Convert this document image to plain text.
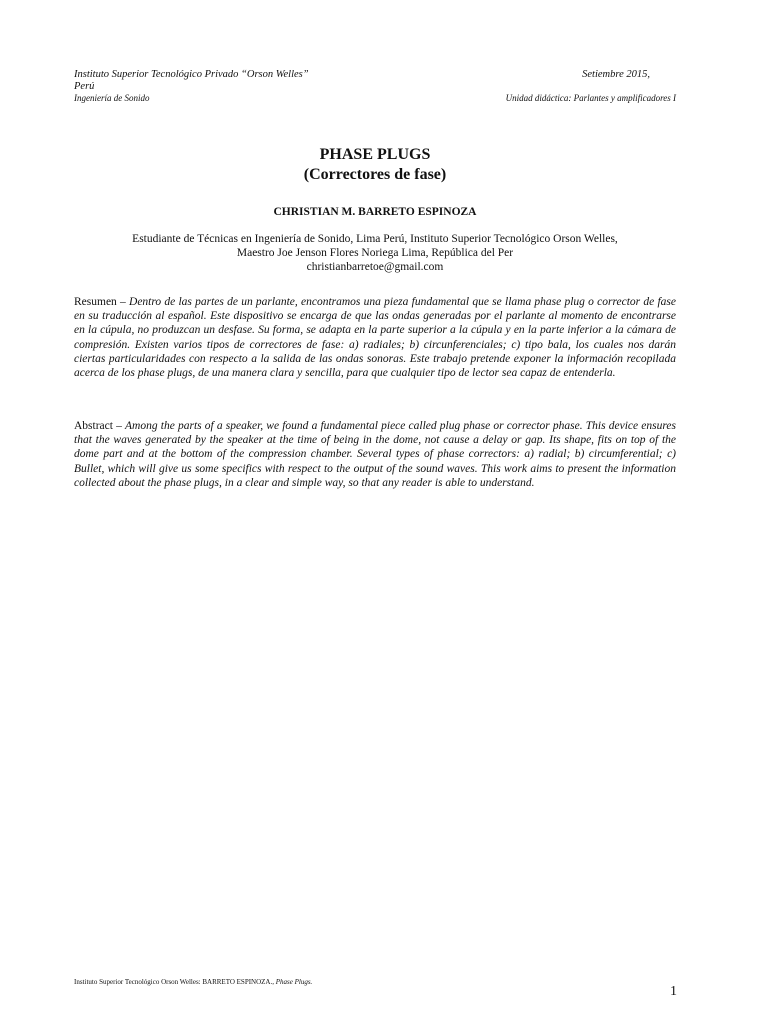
Instituto Superior Tecnológico Privado “Orson Welles”
Perú
Setiembre 2015,
Ingeniería de Sonido	Unidad didáctica: Parlantes y amplificadores I
PHASE PLUGS
(Correctores de fase)
CHRISTIAN M. BARRETO ESPINOZA
Estudiante de Técnicas en Ingeniería de Sonido, Lima Perú, Instituto Superior Tecnológico Orson Welles,
Maestro Joe Jenson Flores Noriega Lima, República del Per
christianbarretoe@gmail.com

Resumen – Dentro de las partes de un parlante, encontramos una pieza fundamental que se llama phase plug o corrector de fase en su traducción al español. Este dispositivo se encarga de que las ondas generadas por el parlante al momento de encontrarse en la cúpula, no produzcan un desfase. Su forma, se adapta en la parte superior a la cúpula y en la parte inferior a la cámara de compresión. Existen varios tipos de correctores de fase: a) radiales; b) circunferenciales; c) tipo bala, los cuales nos darán ciertas particularidades con respecto a la salida de las ondas sonoras. Este trabajo pretende exponer la información recopilada acerca de los phase plugs, de una manera clara y sencilla, para que cualquier tipo de lector sea capaz de entenderla.

Abstract – Among the parts of a speaker, we found a fundamental piece called plug phase or corrector phase. This device ensures that the waves generated by the speaker at the time of being in the dome, not cause a delay or gap. Its shape, fits on top of the dome part and at the bottom of the compression chamber. Several types of phase correctors: a) radial; b) circumferential; c) Bullet, which will give us some specifics with respect to the output of the sound waves. This work aims to present the information collected about the phase plugs, in a clear and simple way, so that any reader is able to understand.

Instituto Superior Tecnológico Orson Welles: BARRETO ESPINOZA., Phase Plugs.
1
